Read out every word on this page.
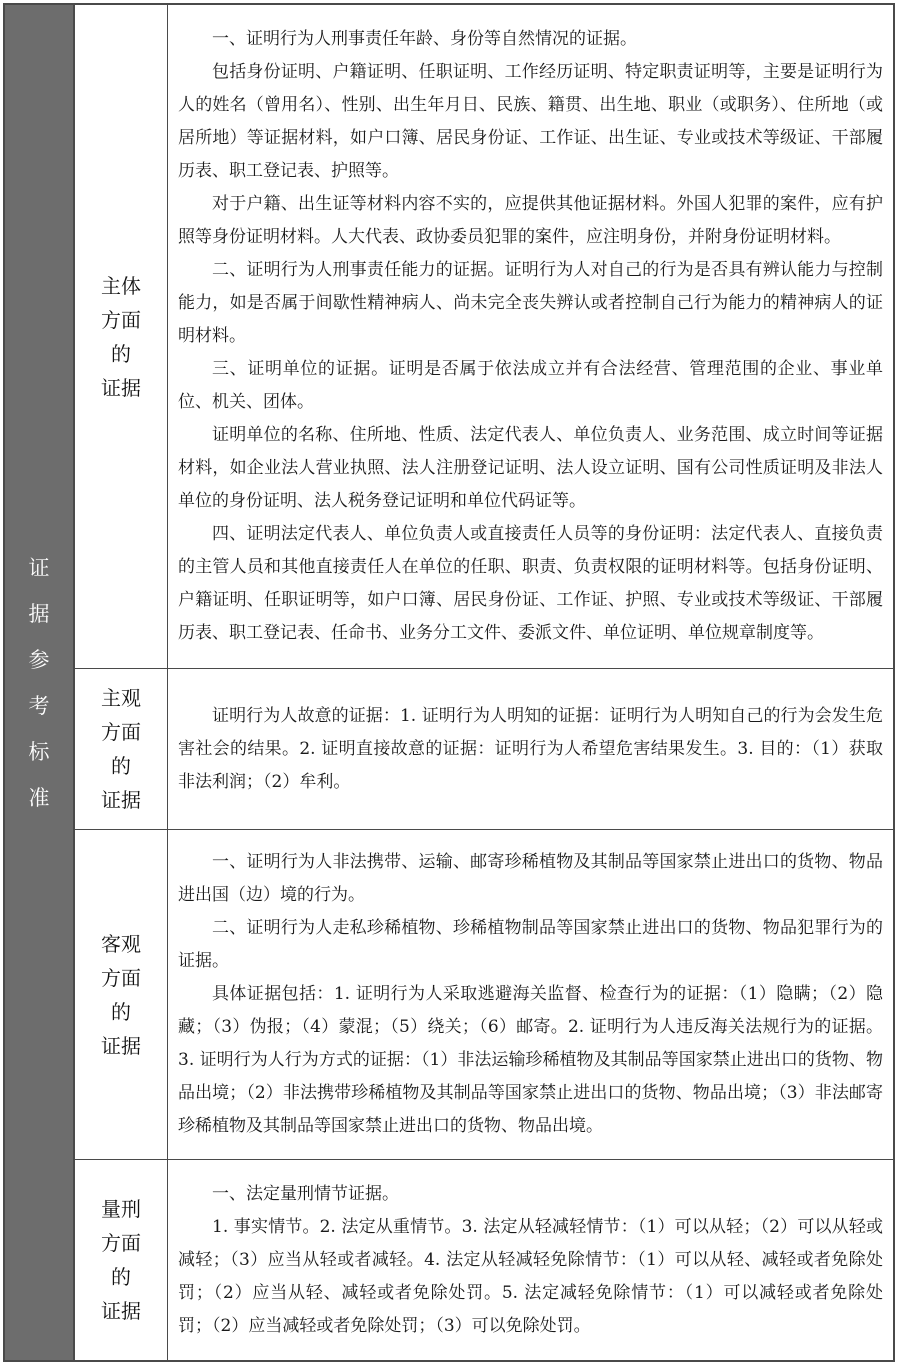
证
据
参
考
标
准
主体
方面
的
证据

一、证明行为人刑事责任年龄、身份等自然情况的证据。

包括身份证明、户籍证明、任职证明、工作经历证明、特定职责证明等，主要是证明行为人的姓名（曾用名）、性别、出生年月日、民族、籍贯、出生地、职业（或职务）、住所地（或居所地）等证据材料，如户口簿、居民身份证、工作证、出生证、专业或技术等级证、干部履历表、职工登记表、护照等。

对于户籍、出生证等材料内容不实的，应提供其他证据材料。外国人犯罪的案件，应有护照等身份证明材料。人大代表、政协委员犯罪的案件，应注明身份，并附身份证明材料。

二、证明行为人刑事责任能力的证据。证明行为人对自己的行为是否具有辨认能力与控制能力，如是否属于间歇性精神病人、尚未完全丧失辨认或者控制自己行为能力的精神病人的证明材料。

三、证明单位的证据。证明是否属于依法成立并有合法经营、管理范围的企业、事业单位、机关、团体。

证明单位的名称、住所地、性质、法定代表人、单位负责人、业务范围、成立时间等证据材料，如企业法人营业执照、法人注册登记证明、法人设立证明、国有公司性质证明及非法人单位的身份证明、法人税务登记证明和单位代码证等。

四、证明法定代表人、单位负责人或直接责任人员等的身份证明：法定代表人、直接负责的主管人员和其他直接责任人在单位的任职、职责、负责权限的证明材料等。包括身份证明、户籍证明、任职证明等，如户口簿、居民身份证、工作证、护照、专业或技术等级证、干部履历表、职工登记表、任命书、业务分工文件、委派文件、单位证明、单位规章制度等。

主观
方面
的
证据

证明行为人故意的证据：1. 证明行为人明知的证据：证明行为人明知自己的行为会发生危害社会的结果。2. 证明直接故意的证据：证明行为人希望危害结果发生。3. 目的：（1）获取非法利润；（2）牟利。

客观
方面
的
证据

一、证明行为人非法携带、运输、邮寄珍稀植物及其制品等国家禁止进出口的货物、物品进出国（边）境的行为。

二、证明行为人走私珍稀植物、珍稀植物制品等国家禁止进出口的货物、物品犯罪行为的证据。

具体证据包括：1. 证明行为人采取逃避海关监督、检查行为的证据：（1）隐瞒；（2）隐藏；（3）伪报；（4）蒙混；（5）绕关；（6）邮寄。2. 证明行为人违反海关法规行为的证据。3. 证明行为人行为方式的证据：（1）非法运输珍稀植物及其制品等国家禁止进出口的货物、物品出境；（2）非法携带珍稀植物及其制品等国家禁止进出口的货物、物品出境；（3）非法邮寄珍稀植物及其制品等国家禁止进出口的货物、物品出境。

量刑
方面
的
证据

一、法定量刑情节证据。

1. 事实情节。2. 法定从重情节。3. 法定从轻减轻情节：（1）可以从轻；（2）可以从轻或减轻；（3）应当从轻或者减轻。4. 法定从轻减轻免除情节：（1）可以从轻、减轻或者免除处罚；（2）应当从轻、减轻或者免除处罚。5. 法定减轻免除情节：（1）可以减轻或者免除处罚；（2）应当减轻或者免除处罚；（3）可以免除处罚。
